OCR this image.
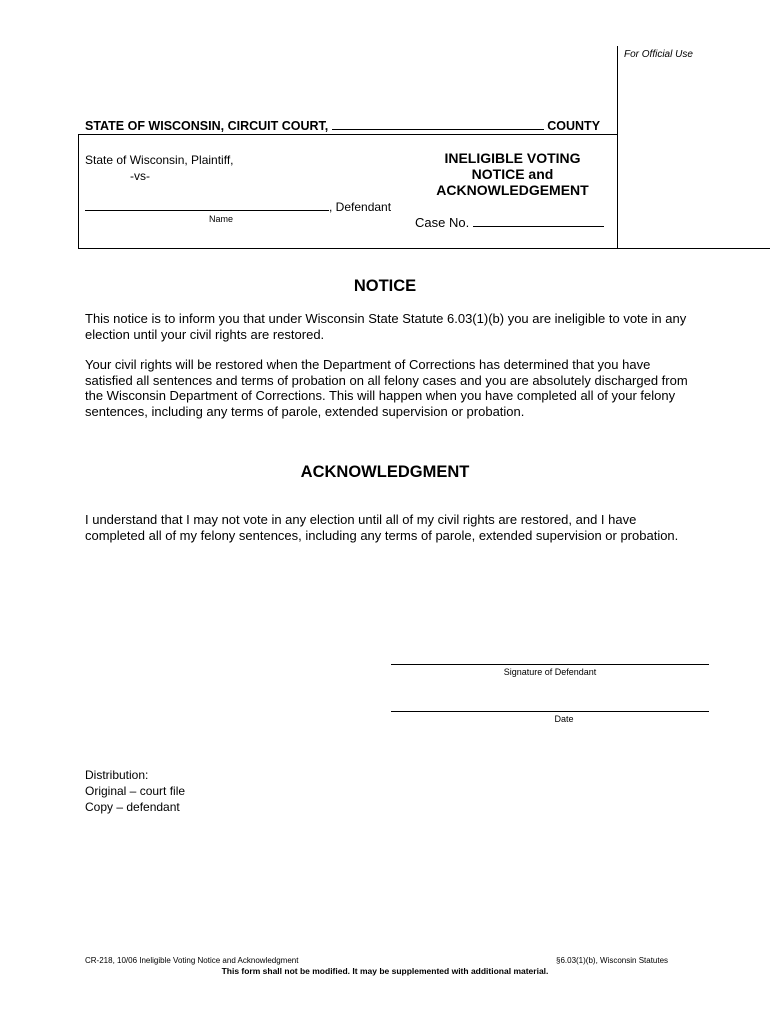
For Official Use
STATE OF WISCONSIN, CIRCUIT COURT,	COUNTY
State of Wisconsin, Plaintiff,
-vs-
, Defendant
Name
INELIGIBLE VOTING
NOTICE and
ACKNOWLEDGEMENT
Case No.
NOTICE
This notice is to inform you that under Wisconsin State Statute 6.03(1)(b) you are ineligible to vote in any election until your civil rights are restored.
Your civil rights will be restored when the Department of Corrections has determined that you have satisfied all sentences and terms of probation on all felony cases and you are absolutely discharged from the Wisconsin Department of Corrections. This will happen when you have completed all of your felony sentences, including any terms of parole, extended supervision or probation.
ACKNOWLEDGMENT
I understand that I may not vote in any election until all of my civil rights are restored, and I have completed all of my felony sentences, including any terms of parole, extended supervision or probation.
Signature of Defendant
Date
Distribution:
Original – court file
Copy – defendant
CR-218, 10/06 Ineligible Voting Notice and Acknowledgment	§6.03(1)(b), Wisconsin Statutes
This form shall not be modified. It may be supplemented with additional material.
